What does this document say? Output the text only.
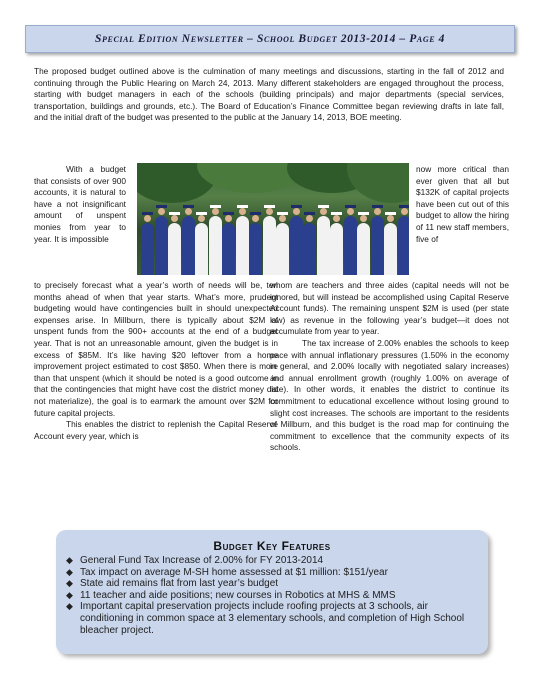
Special Edition Newsletter – School Budget 2013-2014 – Page 4

The proposed budget outlined above is the culmination of many meetings and discussions, starting in the fall of 2012 and continuing through the Public Hearing on March 24, 2013. Many different stakeholders are engaged throughout the process, starting with budget managers in each of the schools (building principals) and major departments (special services, transportation, buildings and grounds, etc.). The Board of Education’s Finance Committee began reviewing drafts in late fall, and the initial draft of the budget was presented to the public at the January 14, 2013, BOE meeting.

With a budget that consists of over 900 accounts, it is natural to have a not insignificant amount of unspent monies from year to year. It is impossible

to precisely forecast what a year’s worth of needs will be, ten months ahead of when that year starts. What’s more, prudent budgeting would have contingencies built in should unexpected expenses arise. In Millburn, there is typically about $2M of unspent funds from the 900+ accounts at the end of a budget year. That is not an unreasonable amount, given the budget is in excess of $85M. It’s like having $20 leftover from a home improvement project estimated to cost $850. When there is more than that unspent (which it should be noted is a good outcome in that the contingencies that might have cost the district money did not materialize), the goal is to earmark the amount over $2M for future capital projects.

This enables the district to replenish the Capital Reserve Account every year, which is

now more critical than ever given that all but $132K of capital projects have been cut out of this budget to allow the hiring of 11 new staff members, five of

whom are teachers and three aides (capital needs will not be ignored, but will instead be accomplished using Capital Reserve Account funds). The remaining unspent $2M is used (per state law) as revenue in the following year’s budget—it does not accumulate from year to year.

The tax increase of 2.00% enables the schools to keep pace with annual inflationary pressures (1.50% in the economy in general, and 2.00% locally with negotiated salary increases) and annual enrollment growth (roughly 1.00% on average of late). In other words, it enables the district to continue its commitment to educational excellence without losing ground to slight cost increases. The schools are important to the residents of Millburn, and this budget is the road map for continuing the commitment to excellence that the community expects of its schools.

Budget Key Features
◆ General Fund Tax Increase of 2.00% for FY 2013-2014
◆ Tax impact on average M-SH home assessed at $1 million: $151/year
◆ State aid remains flat from last year’s budget
◆ 11 teacher and aide positions; new courses in Robotics at MHS & MMS
◆ Important capital preservation projects include roofing projects at 3 schools, air conditioning in common space at 3 elementary schools, and completion of High School bleacher project.
